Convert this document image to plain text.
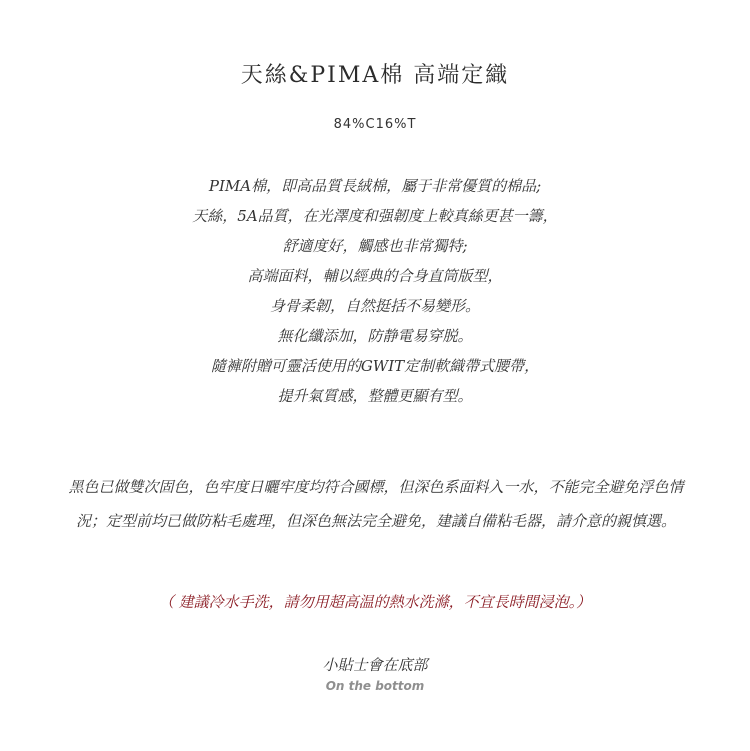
天絲&PIMA棉 高端定織
84%C16%T
PIMA棉，即高品質長絨棉，屬于非常優質的棉品;
天絲，5A品質，在光澤度和强韌度上較真絲更甚一籌，
舒適度好，觸感也非常獨特;
高端面料，輔以經典的合身直筒版型，
身骨柔韌，自然挺括不易變形。
無化纖添加，防静電易穿脱。
隨褲附贈可靈活使用的GWIT定制軟織帶式腰帶，
提升氣質感，整體更顯有型。
黑色已做雙次固色，色牢度日曬牢度均符合國標，但深色系面料入一水，不能完全避免浮色情況；定型前均已做防粘毛處理，但深色無法完全避免，建議自備粘毛器，請介意的親慎選。
（ 建議冷水手洗，請勿用超高温的熱水洗滌，不宜長時間浸泡。）
小貼士會在底部
On the bottom
